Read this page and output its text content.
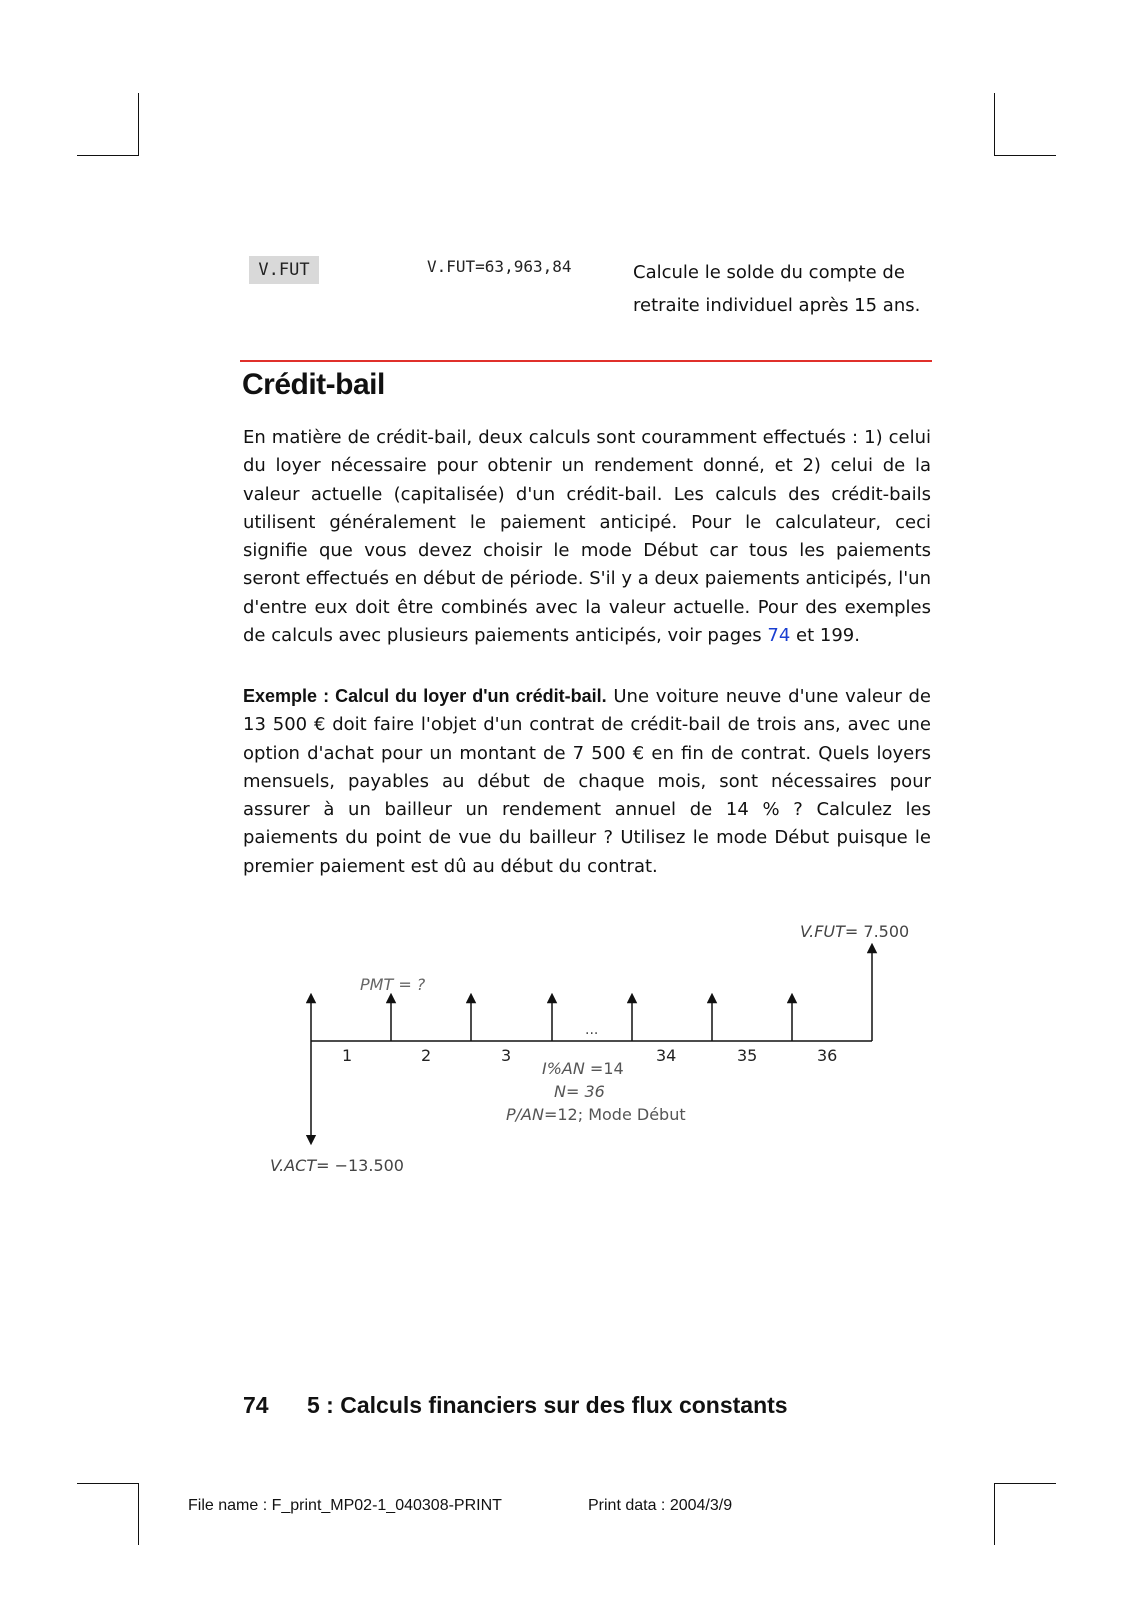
V.FUT	V.FUT=63,963,84	Calcule le solde du compte de
retraite individuel après 15 ans.
Crédit-bail
En matière de crédit-bail, deux calculs sont couramment effectués : 1) celui du loyer nécessaire pour obtenir un rendement donné, et 2) celui de la valeur actuelle (capitalisée) d'un crédit-bail. Les calculs des crédit-bails utilisent généralement le paiement anticipé. Pour le calculateur, ceci signifie que vous devez choisir le mode Début car tous les paiements seront effectués en début de période. S'il y a deux paiements anticipés, l'un d'entre eux doit être combinés avec la valeur actuelle. Pour des exemples de calculs avec plusieurs paiements anticipés, voir pages 74 et 199.
Exemple : Calcul du loyer d'un crédit-bail. Une voiture neuve d'une valeur de 13 500 € doit faire l'objet d'un contrat de crédit-bail de trois ans, avec une option d'achat pour un montant de 7 500 € en fin de contrat. Quels loyers mensuels, payables au début de chaque mois, sont nécessaires pour assurer à un bailleur un rendement annuel de 14 % ? Calculez les paiements du point de vue du bailleur ? Utilisez le mode Début puisque le premier paiement est dû au début du contrat.
V.FUT= 7.500
PMT = ?
...
1	2	3	34	35	36
I%AN =14
N= 36
P/AN=12; Mode Début
V.ACT= −13.500
74 5 : Calculs financiers sur des flux constants
File name : F_print_MP02-1_040308-PRINT	Print data : 2004/3/9
